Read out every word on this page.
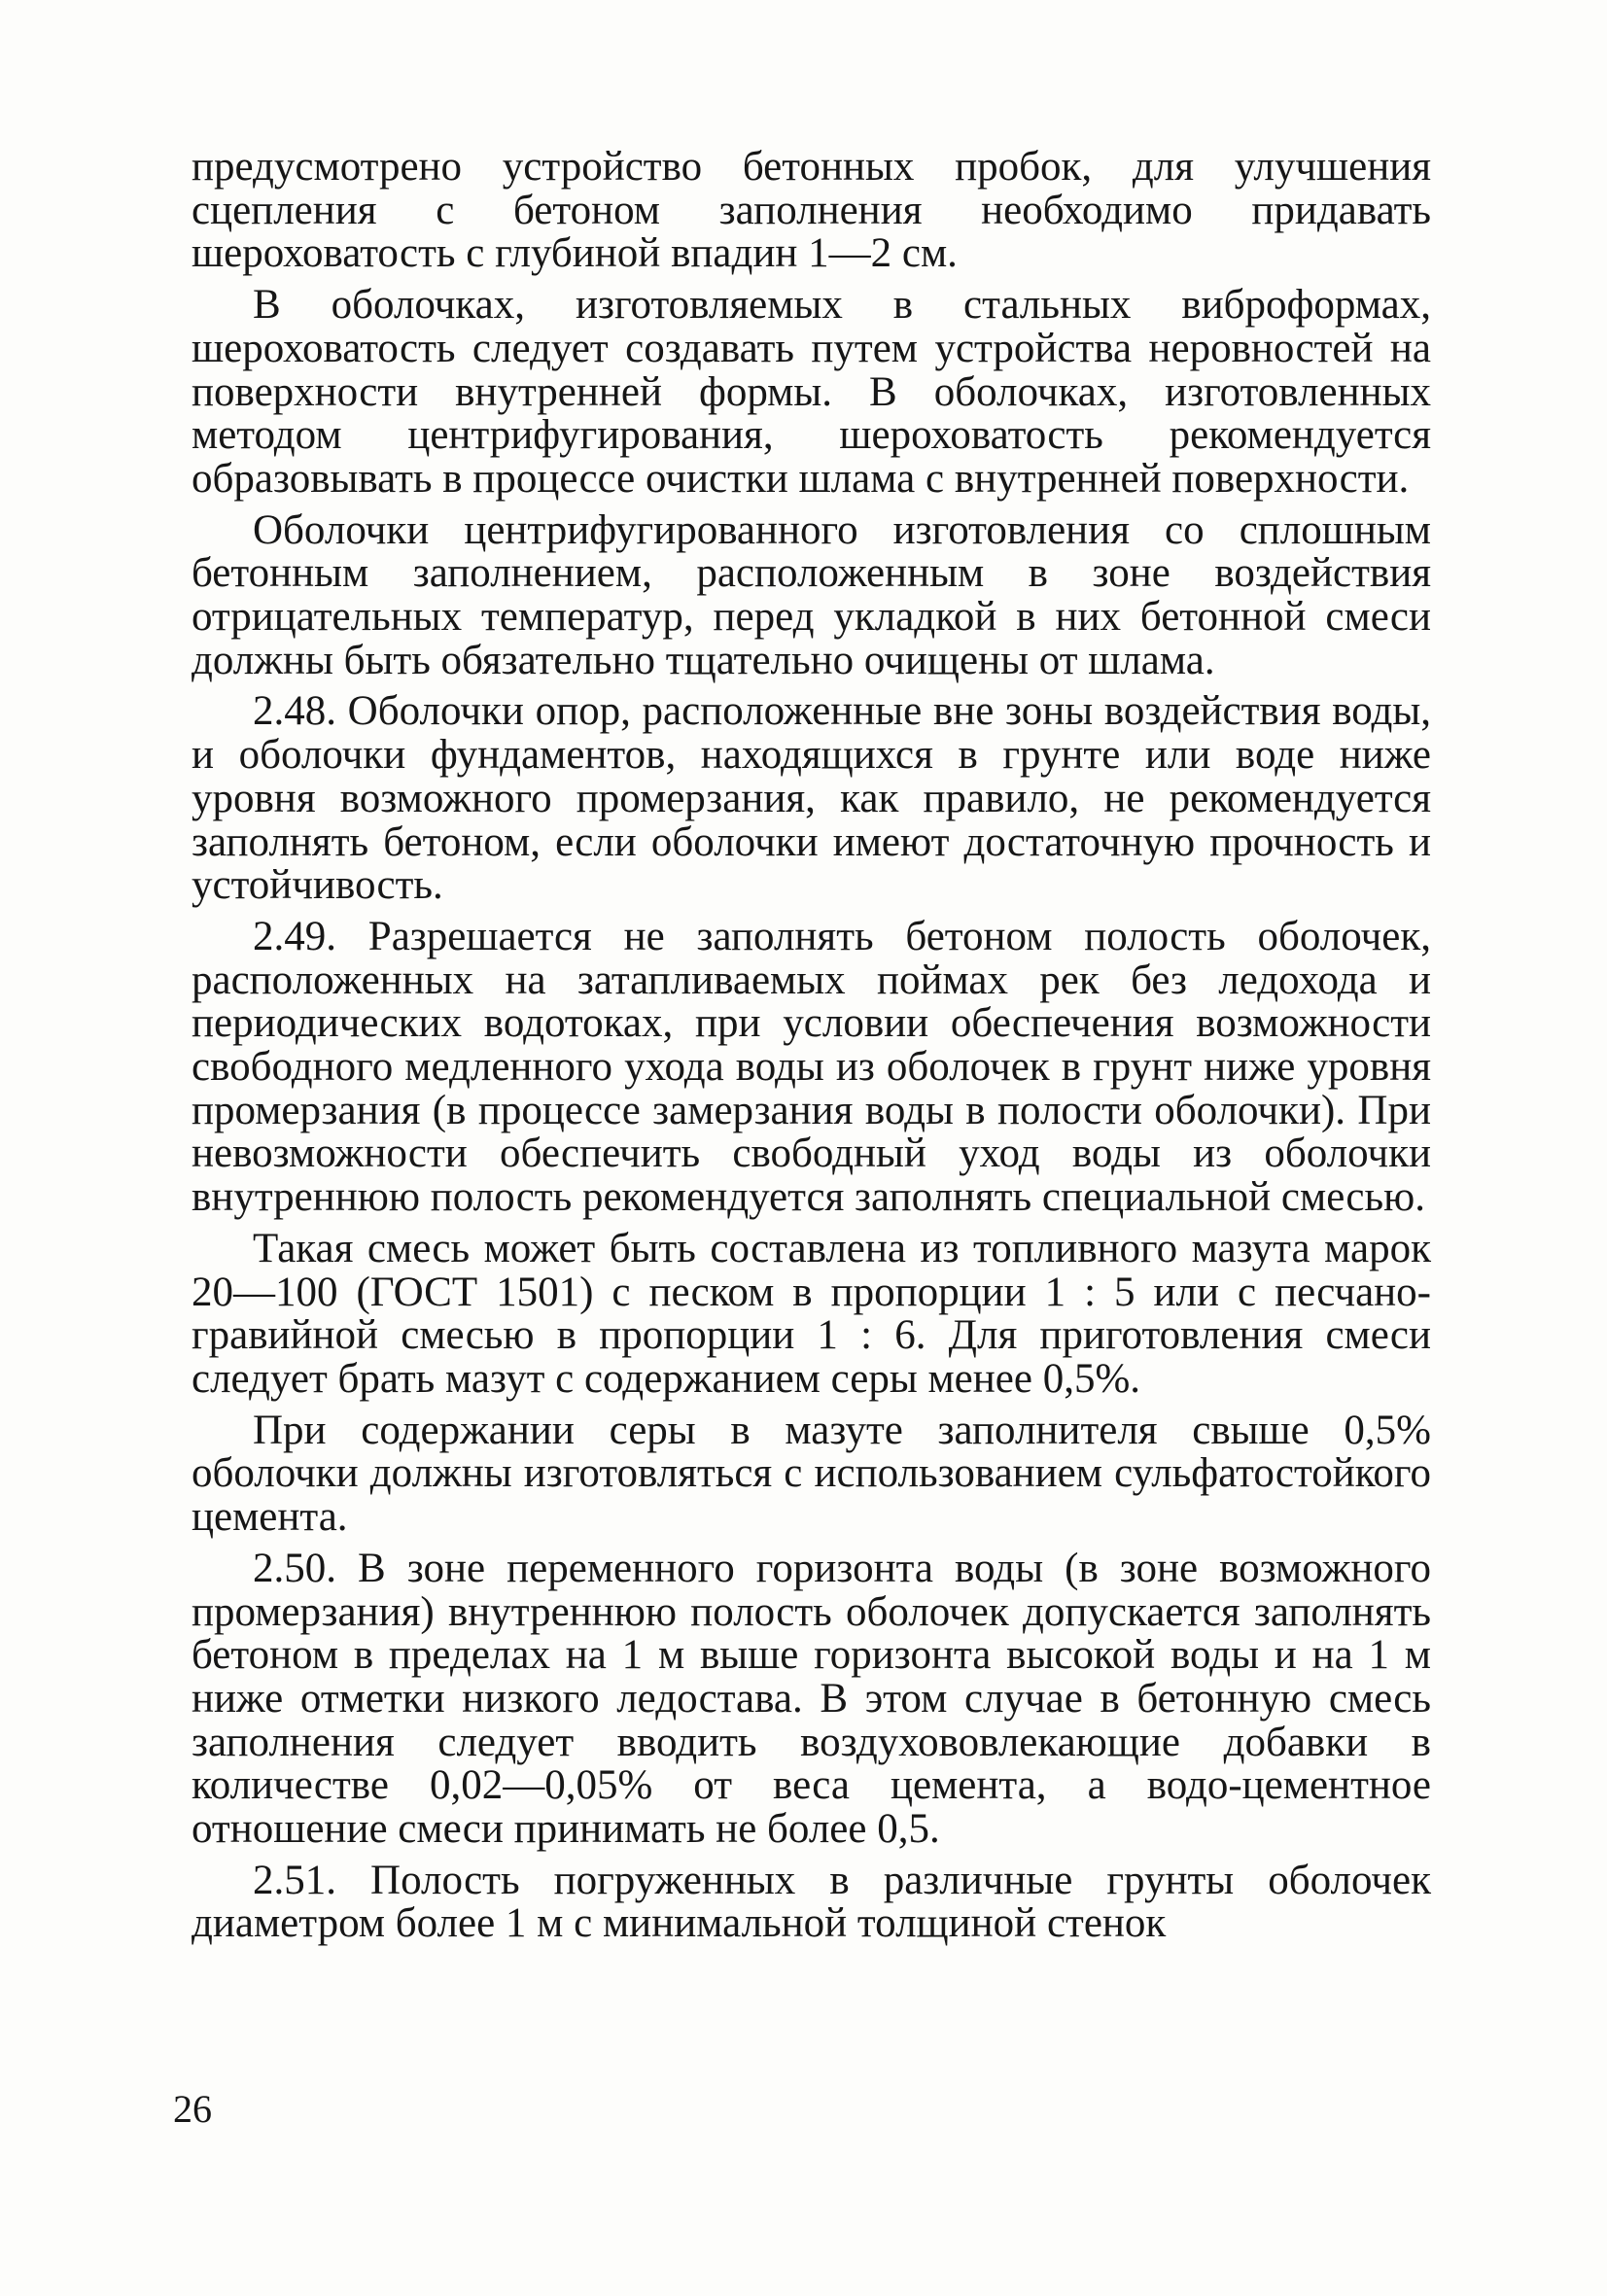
предусмотрено устройство бетонных пробок, для улучшения сцепления с бетоном заполнения необходимо придавать шероховатость с глубиной впадин 1—2 см.

В оболочках, изготовляемых в стальных виброформах, шероховатость следует создавать путем устройства неровностей на поверхности внутренней формы. В оболочках, изготовленных методом центрифугирования, шероховатость рекомендуется образовывать в процессе очистки шлама с внутренней поверхности.

Оболочки центрифугированного изготовления со сплошным бетонным заполнением, расположенным в зоне воздействия отрицательных температур, перед укладкой в них бетонной смеси должны быть обязательно тщательно очищены от шлама.

2.48. Оболочки опор, расположенные вне зоны воздействия воды, и оболочки фундаментов, находящихся в грунте или воде ниже уровня возможного промерзания, как правило, не рекомендуется заполнять бетоном, если оболочки имеют достаточную прочность и устойчивость.

2.49. Разрешается не заполнять бетоном полость оболочек, расположенных на затапливаемых поймах рек без ледохода и периодических водотоках, при условии обеспечения возможности свободного медленного ухода воды из оболочек в грунт ниже уровня промерзания (в процессе замерзания воды в полости оболочки). При невозможности обеспечить свободный уход воды из оболочки внутреннюю полость рекомендуется заполнять специальной смесью.

Такая смесь может быть составлена из топливного мазута марок 20—100 (ГОСТ 1501) с песком в пропорции 1 : 5 или с песчано-гравийной смесью в пропорции 1 : 6. Для приготовления смеси следует брать мазут с содержанием серы менее 0,5%.

При содержании серы в мазуте заполнителя свыше 0,5% оболочки должны изготовляться с использованием сульфатостойкого цемента.

2.50. В зоне переменного горизонта воды (в зоне возможного промерзания) внутреннюю полость оболочек допускается заполнять бетоном в пределах на 1 м выше горизонта высокой воды и на 1 м ниже отметки низкого ледостава. В этом случае в бетонную смесь заполнения следует вводить воздухововлекающие добавки в количестве 0,02—0,05% от веса цемента, а водо-цементное отношение смеси принимать не более 0,5.

2.51. Полость погруженных в различные грунты оболочек диаметром более 1 м с минимальной толщиной стенок

26
